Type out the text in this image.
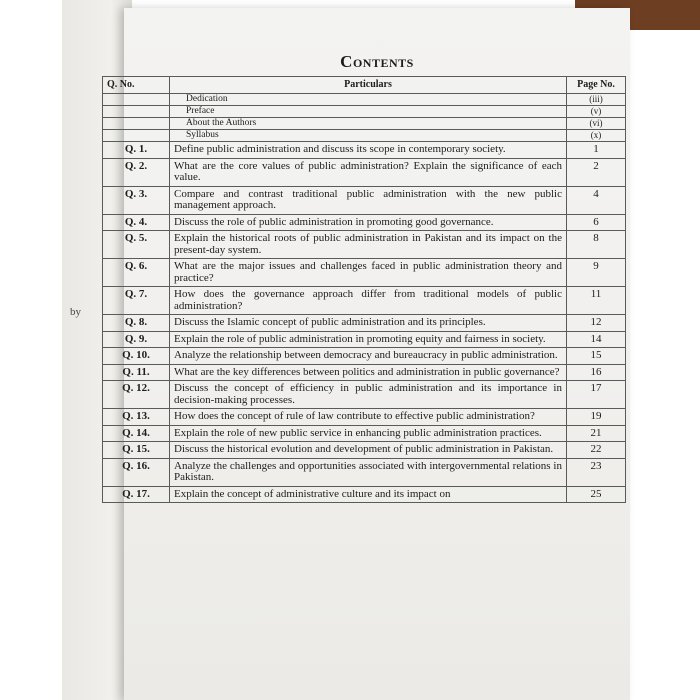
by
Contents
Q. No.	Particulars	Page No.
	Dedication	(iii)
	Preface	(v)
	About the Authors	(vi)
	Syllabus	(x)
Q. 1.	Define public administration and discuss its scope in contemporary society.	1
Q. 2.	What are the core values of public administration? Explain the significance of each value.	2
Q. 3.	Compare and contrast traditional public administration with the new public management approach.	4
Q. 4.	Discuss the role of public administration in promoting good governance.	6
Q. 5.	Explain the historical roots of public administration in Pakistan and its impact on the present-day system.	8
Q. 6.	What are the major issues and challenges faced in public administration theory and practice?	9
Q. 7.	How does the governance approach differ from traditional models of public administration?	11
Q. 8.	Discuss the Islamic concept of public administration and its principles.	12
Q. 9.	Explain the role of public administration in promoting equity and fairness in society.	14
Q. 10.	Analyze the relationship between democracy and bureaucracy in public administration.	15
Q. 11.	What are the key differences between politics and administration in public governance?	16
Q. 12.	Discuss the concept of efficiency in public administration and its importance in decision-making processes.	17
Q. 13.	How does the concept of rule of law contribute to effective public administration?	19
Q. 14.	Explain the role of new public service in enhancing public administration practices.	21
Q. 15.	Discuss the historical evolution and development of public administration in Pakistan.	22
Q. 16.	Analyze the challenges and opportunities associated with intergovernmental relations in Pakistan.	23
Q. 17.	Explain the concept of administrative culture and its impact on	25
